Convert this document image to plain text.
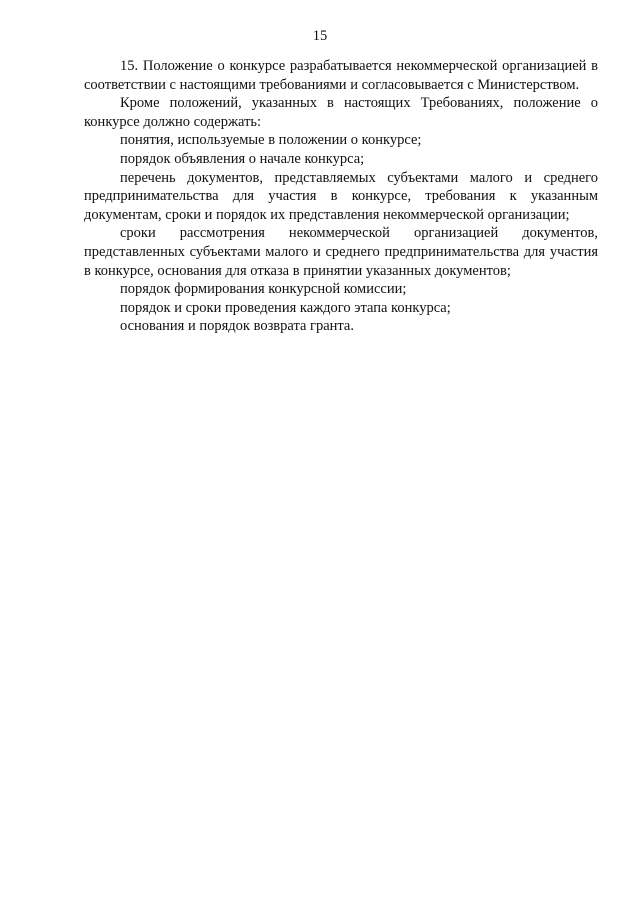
15

15. Положение о конкурсе разрабатывается некоммерческой организацией в соответствии с настоящими требованиями и согласовывается с Министерством.

Кроме положений, указанных в настоящих Требованиях, положение о конкурсе должно содержать:

понятия, используемые в положении о конкурсе;

порядок объявления о начале конкурса;

перечень документов, представляемых субъектами малого и среднего предпринимательства для участия в конкурсе, требования к указанным документам, сроки и порядок их представления некоммерческой организации;

сроки рассмотрения некоммерческой организацией документов, представленных субъектами малого и среднего предпринимательства для участия в конкурсе, основания для отказа в принятии указанных документов;

порядок формирования конкурсной комиссии;

порядок и сроки проведения каждого этапа конкурса;

основания и порядок возврата гранта.
